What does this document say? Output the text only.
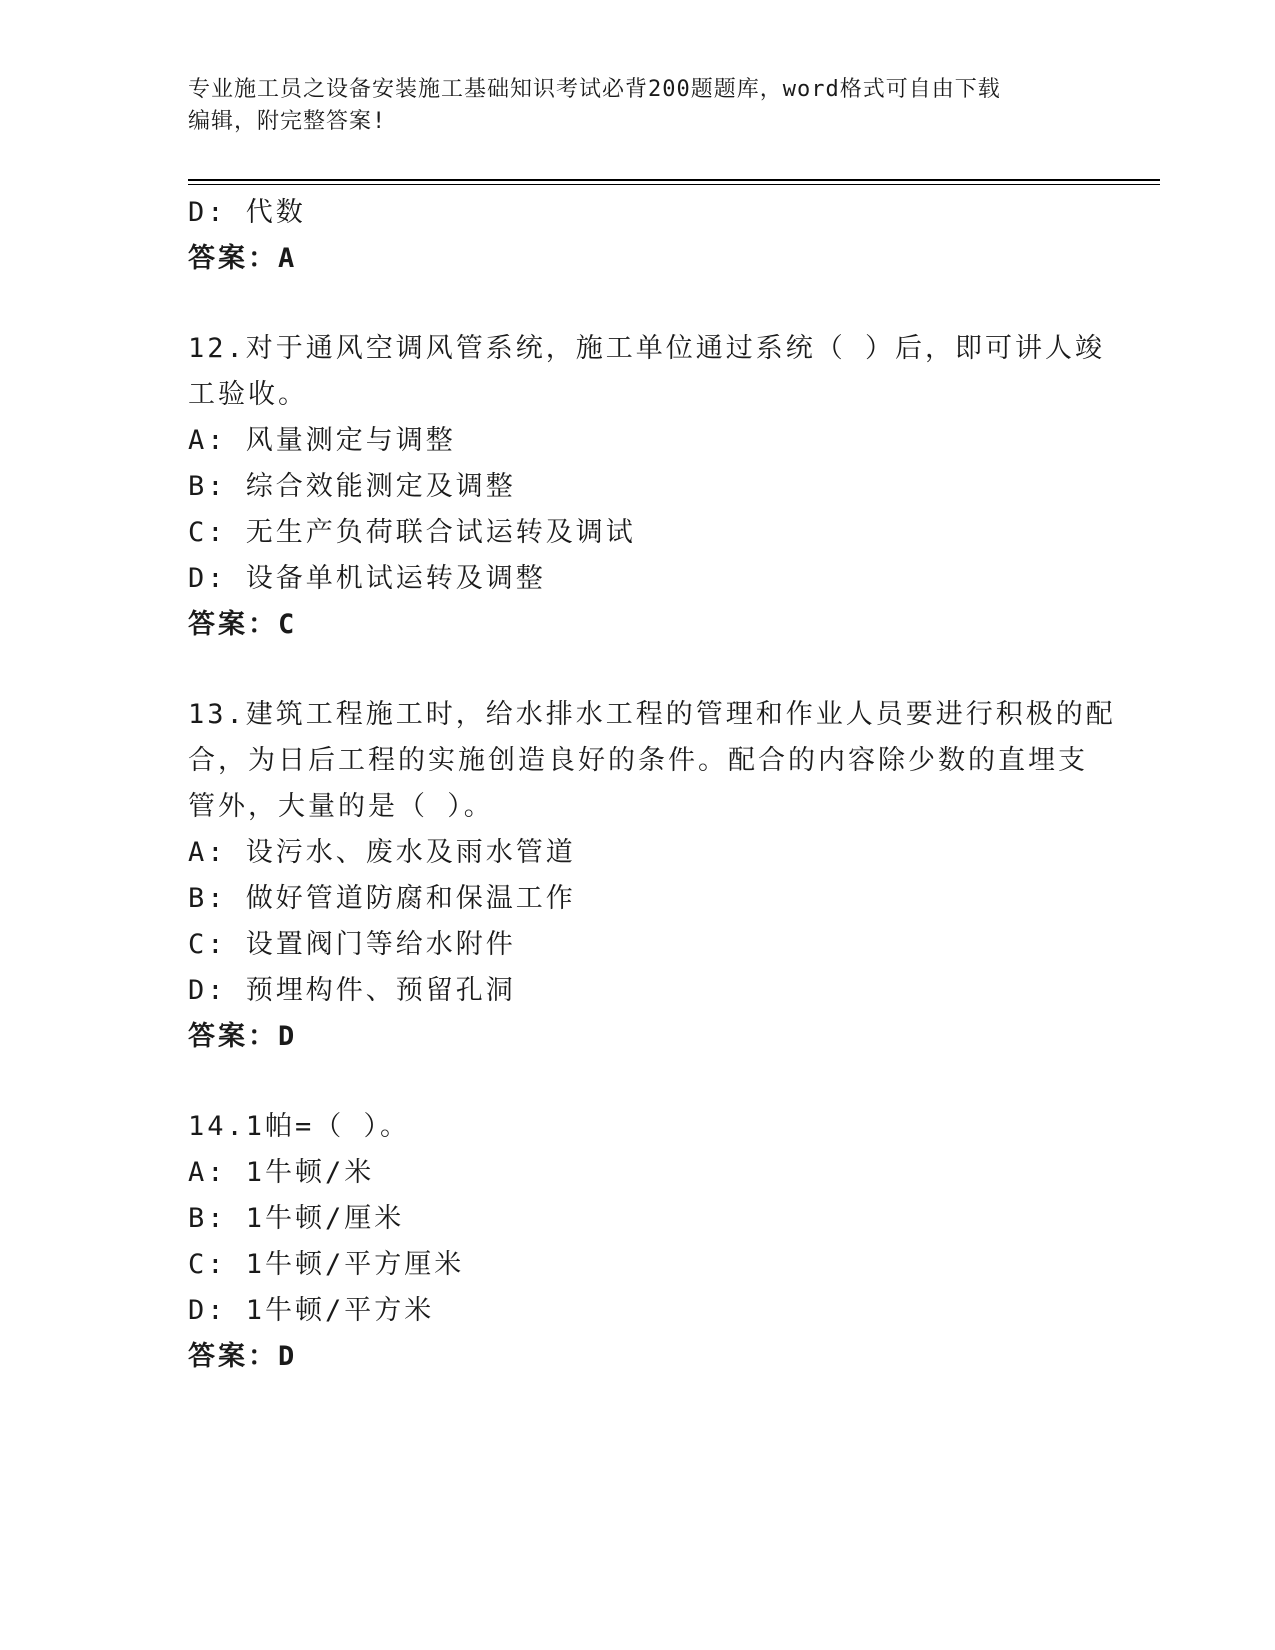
专业施工员之设备安装施工基础知识考试必背200题题库，word格式可自由下载
编辑，附完整答案!
D: 代数
答案：A
12.对于通风空调风管系统，施工单位通过系统（ ）后，即可讲人竣
工验收。
A: 风量测定与调整
B: 综合效能测定及调整
C: 无生产负荷联合试运转及调试
D: 设备单机试运转及调整
答案：C
13.建筑工程施工时，给水排水工程的管理和作业人员要进行积极的配
合，为日后工程的实施创造良好的条件。配合的内容除少数的直埋支
管外，大量的是（ ）。
A: 设污水、废水及雨水管道
B: 做好管道防腐和保温工作
C: 设置阀门等给水附件
D: 预埋构件、预留孔洞
答案：D
14.1帕=（ ）。
A: 1牛顿/米
B: 1牛顿/厘米
C: 1牛顿/平方厘米
D: 1牛顿/平方米
答案：D
